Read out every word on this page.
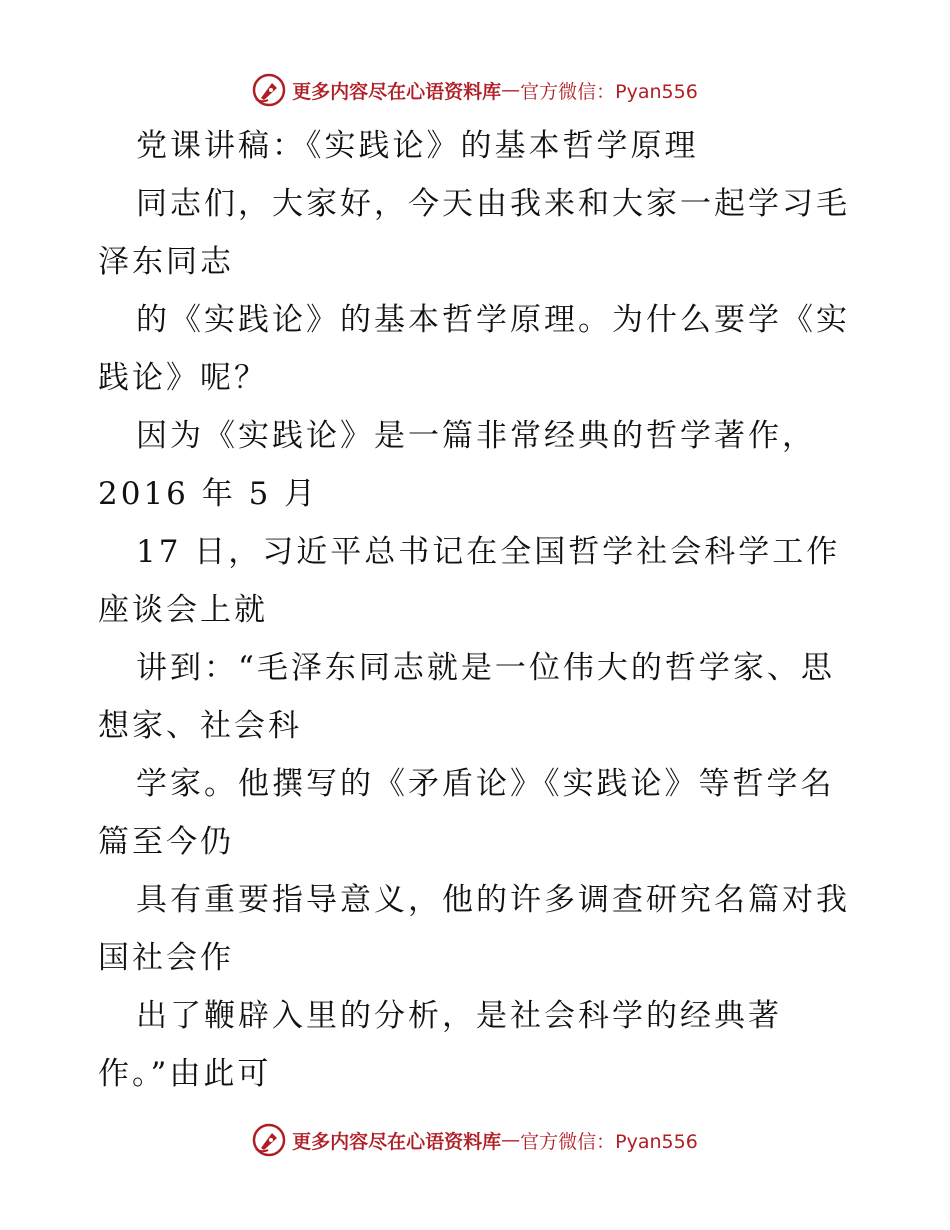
更多内容尽在心语资料库 — 官方微信：Pyan556
党课讲稿：《实践论》的基本哲学原理
同志们，大家好，今天由我来和大家一起学习毛
泽东同志
的《实践论》的基本哲学原理。为什么要学《实
践论》呢？
因为《实践论》是一篇非常经典的哲学著作，
2016 年 5 月
17 日，习近平总书记在全国哲学社会科学工作
座谈会上就
讲到：“毛泽东同志就是一位伟大的哲学家、思
想家、社会科
学家。他撰写的《矛盾论》《实践论》等哲学名
篇至今仍
具有重要指导意义，他的许多调查研究名篇对我
国社会作
出了鞭辟入里的分析，是社会科学的经典著
作。”由此可
更多内容尽在心语资料库 — 官方微信：Pyan556
